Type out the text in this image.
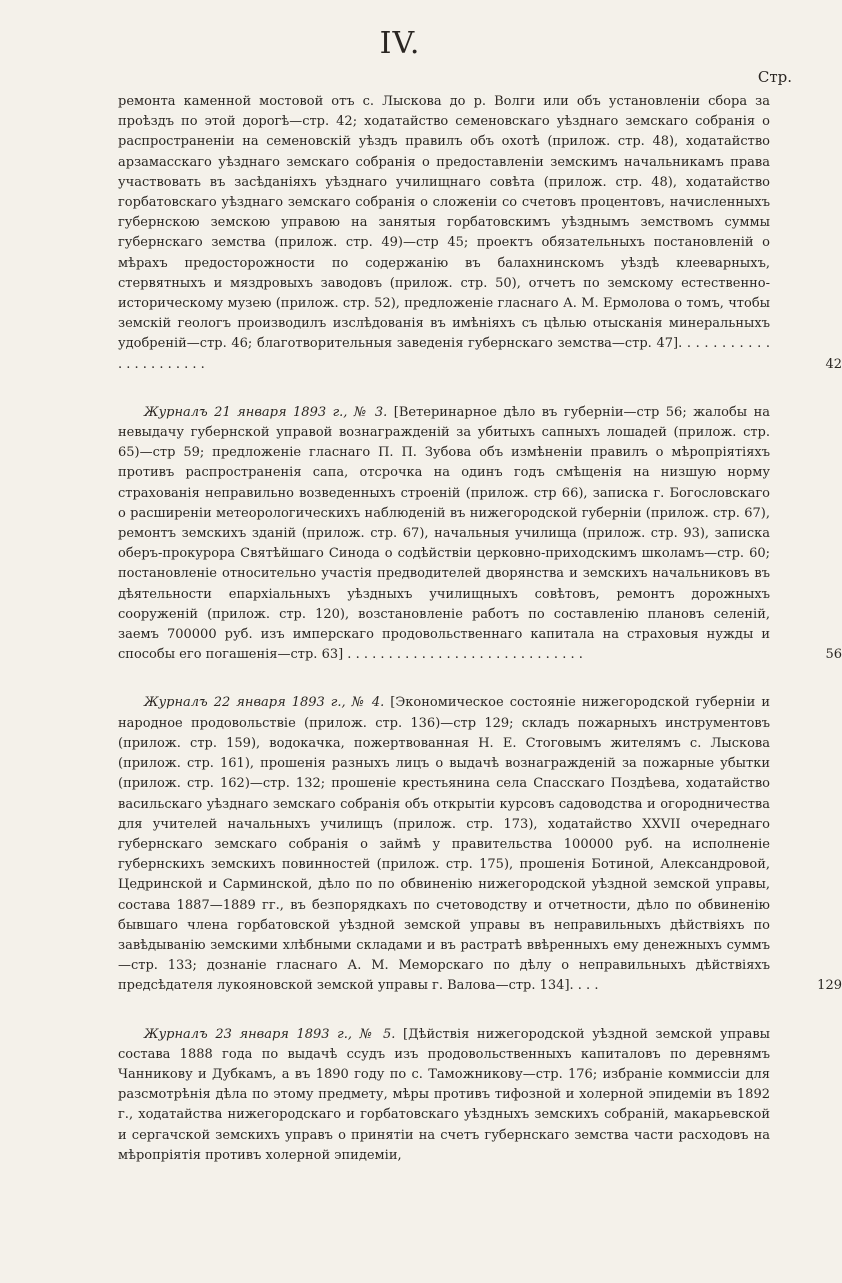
IV.
Стр.

ремонта каменной мостовой отъ с. Лыскова до р. Волги или объ установленіи сбора за проѣздъ по этой дорогѣ—стр. 42; ходатайство семеновскаго уѣзднаго земскаго собранія о распространеніи на семеновскій уѣздъ правилъ объ охотѣ (прилож. стр. 48), ходатайство арзамасскаго уѣзднаго земскаго собранія о предоставленіи земскимъ начальникамъ права участвовать въ засѣданіяхъ уѣзднаго училищнаго совѣта (прилож. стр. 48), ходатайство горбатовскаго уѣзднаго земскаго собранія о сложеніи со счетовъ процентовъ, начисленныхъ губернскою земскою управою на занятыя горбатовскимъ уѣзднымъ земствомъ суммы губернскаго земства (прилож. стр. 49)—стр 45; проектъ обязательныхъ постановленій о мѣрахъ предосторожности по содержанію въ балахнинскомъ уѣздѣ клееварныхъ, стервятныхъ и мяздровыхъ заводовъ (прилож. стр. 50), отчетъ по земскому естественно-историческому музею (прилож. стр. 52), предложеніе гласнаго А. М. Ермолова о томъ, чтобы земскій геологъ производилъ изслѣдованія въ имѣніяхъ съ цѣлью отысканія минеральныхъ удобреній—стр. 46; благотворительныя заведенія губернскаго земства—стр. 47]. . . . . . . . . . . . . . . . . . . . . .	42

Журналъ 21 января 1893 г., № 3. [Ветеринарное дѣло въ губерніи—стр 56; жалобы на невыдачу губернской управой вознагражденій за убитыхъ сапныхъ лошадей (прилож. стр. 65)—стр 59; предложеніе гласнаго П. П. Зубова объ измѣненіи правилъ о мѣропріятіяхъ противъ распространенія сапа, отсрочка на одинъ годъ смѣщенія на низшую норму страхованія неправильно возведенныхъ строеній (прилож. стр 66), записка г. Богословскаго о расширеніи метеорологическихъ наблюденій въ нижегородской губерніи (прилож. стр. 67), ремонтъ земскихъ зданій (прилож. стр. 67), начальныя училища (прилож. стр. 93), записка оберъ-прокурора Святѣйшаго Синода о содѣйствіи церковно-приходскимъ школамъ—стр. 60; постановленіе относительно участія предводителей дворянства и земскихъ начальниковъ въ дѣятельности епархіальныхъ уѣздныхъ училищныхъ совѣтовъ, ремонтъ дорожныхъ сооруженій (прилож. стр. 120), возстановленіе работъ по составленію плановъ селеній, заемъ 700000 руб. изъ имперскаго продовольственнаго капитала на страховыя нужды и способы его погашенія—стр. 63] . . . . . . . . . . . . . . . . . . . . . . . . . . . . .	56

Журналъ 22 января 1893 г., № 4. [Экономическое состояніе нижегородской губерніи и народное продовольствіе (прилож. стр. 136)—стр 129; складъ пожарныхъ инструментовъ (прилож. стр. 159), водокачка, пожертвованная Н. Е. Стоговымъ жителямъ с. Лыскова (прилож. стр. 161), прошенія разныхъ лицъ о выдачѣ вознагражденій за пожарные убытки (прилож. стр. 162)—стр. 132; прошеніе крестьянина села Спасскаго Поздѣева, ходатайство васильскаго уѣзднаго земскаго собранія объ открытіи курсовъ садоводства и огородничества для учителей начальныхъ училищъ (прилож. стр. 173), ходатайство XXVII очереднаго губернскаго земскаго собранія о займѣ у правительства 100000 руб. на исполненіе губернскихъ земскихъ повинностей (прилож. стр. 175), прошенія Ботиной, Александровой, Цедринской и Сарминской, дѣло по по обвиненію нижегородской уѣздной земской управы, состава 1887—1889 гг., въ безпорядкахъ по счетоводству и отчетности, дѣло по обвиненію бывшаго члена горбатовской уѣздной земской управы въ неправильныхъ дѣйствіяхъ по завѣдыванію земскими хлѣбными складами и въ растратѣ ввѣренныхъ ему денежныхъ суммъ—стр. 133; дознаніе гласнаго А. М. Меморскаго по дѣлу о неправильныхъ дѣйствіяхъ предсѣдателя лукояновской земской управы г. Валова—стр. 134]. . . .	129

Журналъ 23 января 1893 г., № 5. [Дѣйствія нижегородской уѣздной земской управы состава 1888 года по выдачѣ ссудъ изъ продовольственныхъ капиталовъ по деревнямъ Чанникову и Дубкамъ, а въ 1890 году по с. Таможникову—стр. 176; избраніе коммиссіи для разсмотрѣнія дѣла по этому предмету, мѣры противъ тифозной и холерной эпидеміи въ 1892 г., ходатайства нижегородскаго и горбатовскаго уѣздныхъ земскихъ собраній, макарьевской и сергачской земскихъ управъ о принятіи на счетъ губернскаго земства части расходовъ на мѣропріятія противъ холерной эпидеміи,
